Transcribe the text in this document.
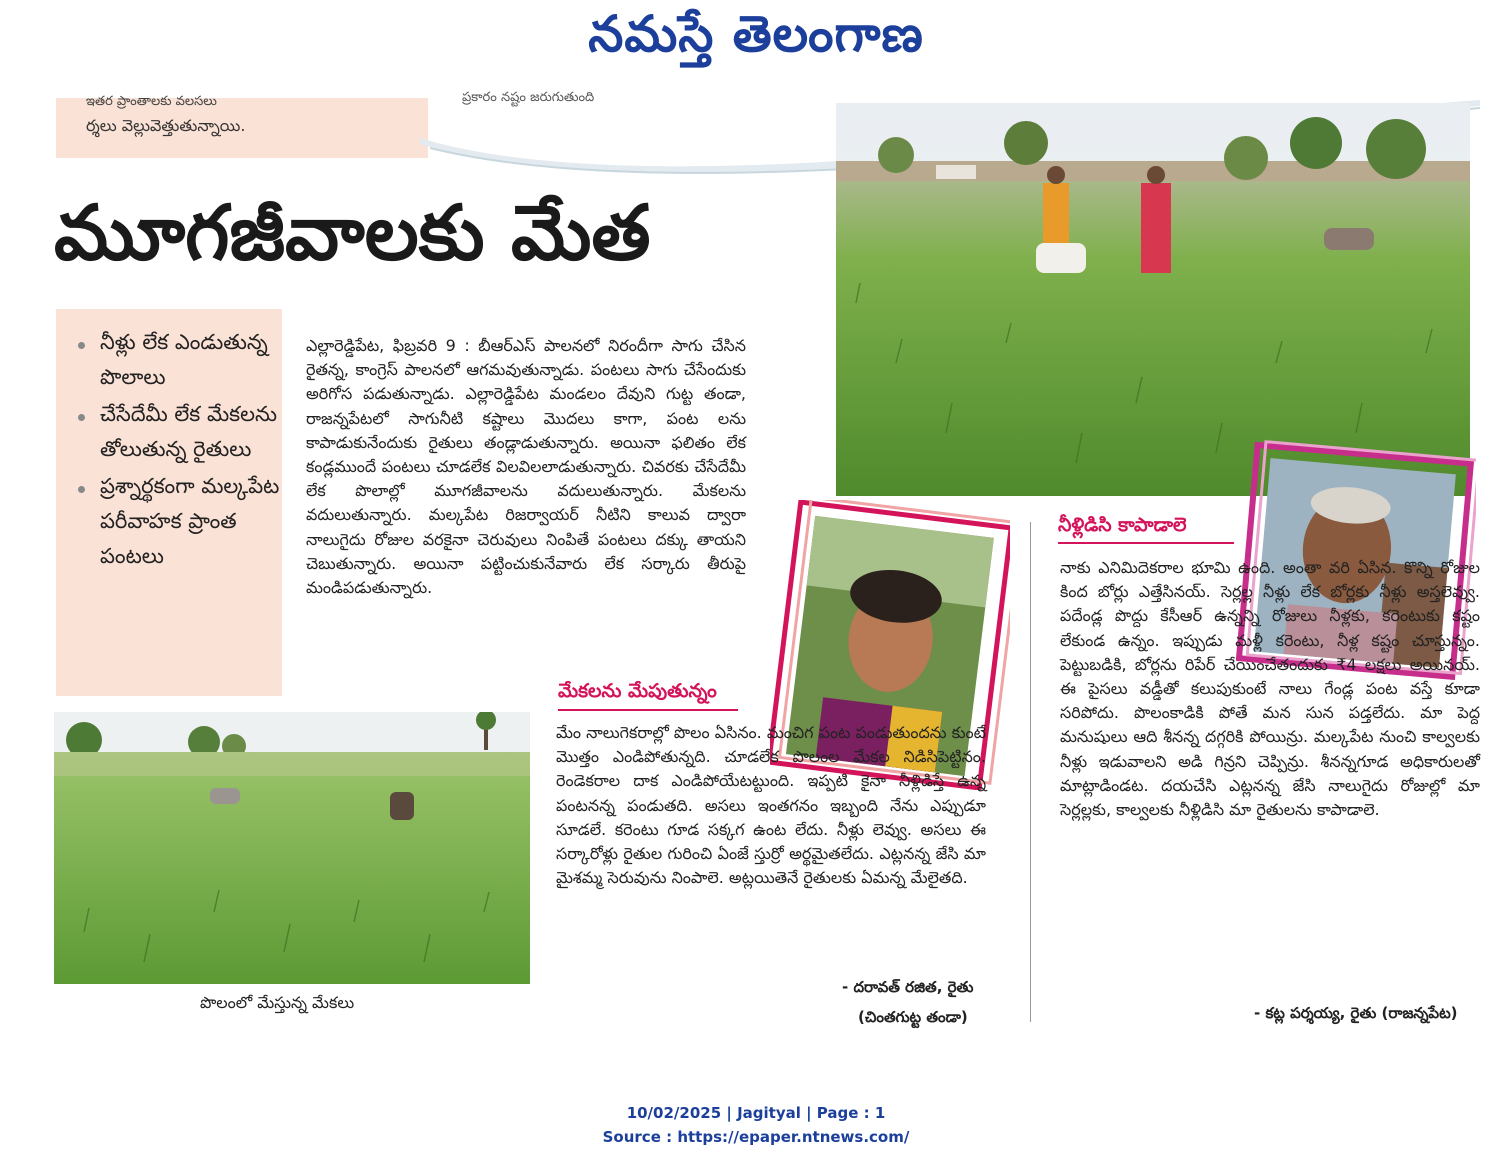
నమస్తే తెలంగాణ
ఇతర ప్రాంతాలకు వలసలు
ర్శలు వెల్లువెత్తుతున్నాయి.
ప్రకారం నష్టం జరుగుతుంది
మూగజీవాలకు మేత
నీళ్లు లేక ఎండుతున్న పొలాలు
చేసేదేమీ లేక మేకలను తోలుతున్న రైతులు
ప్రశ్నార్థకంగా మల్కపేట పరీవాహక ప్రాంత పంటలు
ఎల్లారెడ్డిపేట, ఫిబ్రవరి 9 : బీఆర్ఎస్ పాలనలో నిరందీగా సాగు చేసిన రైతన్న, కాంగ్రెస్ పాలనలో ఆగమవుతున్నాడు. పంటలు సాగు చేసేందుకు అరిగోస పడుతున్నాడు. ఎల్లారెడ్డిపేట మండలం దేవుని గుట్ట తండా, రాజన్నపేటలో సాగునీటి కష్టాలు మొదలు కాగా, పంట లను కాపాడుకునేందుకు రైతులు తండ్లాడుతున్నారు. అయినా ఫలితం లేక కండ్లముందే పంటలు చూడలేక విలవిలలాడుతున్నారు. చివరకు చేసేదేమీ లేక పొలాల్లో మూగజీవాలను వదులుతున్నారు. మేకలను వదులుతున్నారు. మల్కపేట రిజర్వాయర్ నీటిని కాలువ ద్వారా నాలుగైదు రోజుల వరకైనా చెరువులు నింపితే పంటలు దక్కు తాయని చెబుతున్నారు. అయినా పట్టించుకునేవారు లేక సర్కారు తీరుపై మండిపడుతున్నారు.
నీళ్లిడిసి కాపాడాలె
నాకు ఎనిమిదెకరాల భూమి ఉంది. అంతా వరి ఏసిన. కొన్ని రోజుల కింద బోర్లు ఎత్తేసినయ్. సెర్లల్ల నీళ్లు లేక బోర్లకు నీళ్లు అస్తలెవ్వు. పదేండ్ల పొద్దు కేసీఆర్ ఉన్నన్ని రోజులు నీళ్లకు, కరెంటుకు కష్టం లేకుండ ఉన్నం. ఇప్పుడు మళ్లీ కరెంటు, నీళ్ల కష్టం చూస్తున్నం. పెట్టుబడికి, బోర్లను రిపేర్ చేయించేతందుకు ₹4 లక్షలు అయినయ్. ఈ పైసలు వడ్డీతో కలుపుకుంటే నాలు గేండ్ల పంట వస్తే కూడా సరిపోదు. పొలంకాడికి పోతే మన సున పడ్తలేదు. మా పెద్ద మనుషులు ఆది శీనన్న దగ్గరికి పోయిన్రు. మల్కపేట నుంచి కాల్వలకు నీళ్లు ఇడువాలని అడి గిన్రని చెప్పిన్రు. శీనన్నగూడ అధికారులతో మాట్లాడిండట. దయచేసి ఎట్లనన్న జేసి నాలుగైదు రోజుల్లో మా సెర్లల్లకు, కాల్వలకు నీళ్లిడిసి మా రైతులను కాపాడాలె.
- కట్ల పర్శయ్య, రైతు (రాజన్నపేట)
పొలంలో మేస్తున్న మేకలు
మేకలను మేపుతున్నం
మేం నాలుగెకరాల్లో పొలం ఏసినం. మంచిగ పంట పండుతుందను కుంటే మొత్తం ఎండిపోతున్నది. చూడలేక పొలంల మేకల నిడిసిపెట్టినం. రెండెకరాల దాక ఎండిపోయేటట్టుంది. ఇప్పటి కైనా నీళ్లిడిస్తే ఉన్న పంటనన్న పండుతది. అసలు ఇంతగనం ఇబ్బంది నేను ఎప్పుడూ సూడలే. కరెంటు గూడ సక్కగ ఉంట లేదు. నీళ్లు లెవ్వు. అసలు ఈ సర్కారోళ్లు రైతుల గురించి ఏంజే స్తుర్రో అర్థమైతలేదు. ఎట్లనన్న జేసి మా మైశమ్మ సెరువును నింపాలె. అట్లయితెనే రైతులకు ఏమన్న మేలైతది.
- దరావత్ రజిత, రైతు
(చింతగుట్ట తండా)
10/02/2025 | Jagityal | Page : 1
Source : https://epaper.ntnews.com/
